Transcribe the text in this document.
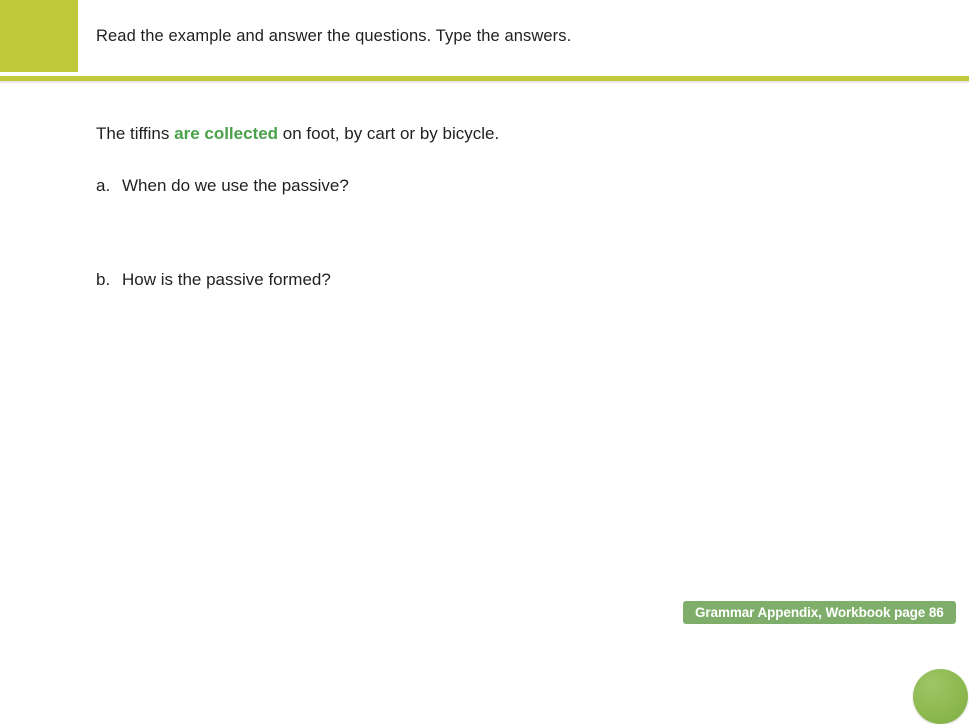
Read the example and answer the questions. Type the answers.
The tiffins are collected on foot, by cart or by bicycle.
a. When do we use the passive?
b. How is the passive formed?
Grammar Appendix, Workbook page 86
